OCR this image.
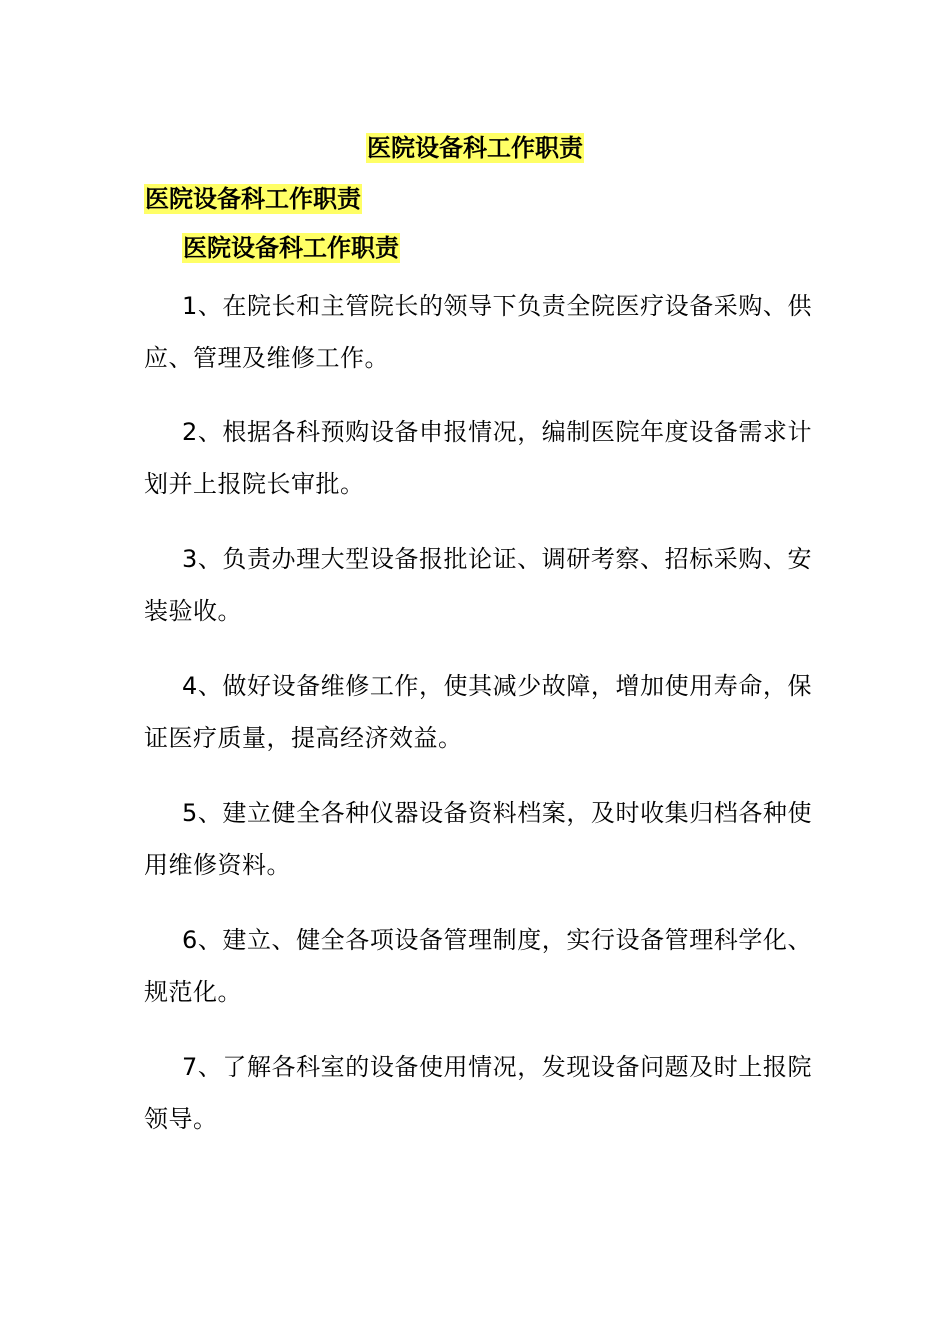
医院设备科工作职责
医院设备科工作职责
医院设备科工作职责

1、在院长和主管院长的领导下负责全院医疗设备采购、供应、管理及维修工作。

2、根据各科预购设备申报情况，编制医院年度设备需求计划并上报院长审批。

3、负责办理大型设备报批论证、调研考察、招标采购、安装验收。

4、做好设备维修工作，使其减少故障，增加使用寿命，保证医疗质量，提高经济效益。

5、建立健全各种仪器设备资料档案，及时收集归档各种使用维修资料。

6、建立、健全各项设备管理制度，实行设备管理科学化、规范化。

7、了解各科室的设备使用情况，发现设备问题及时上报院领导。
